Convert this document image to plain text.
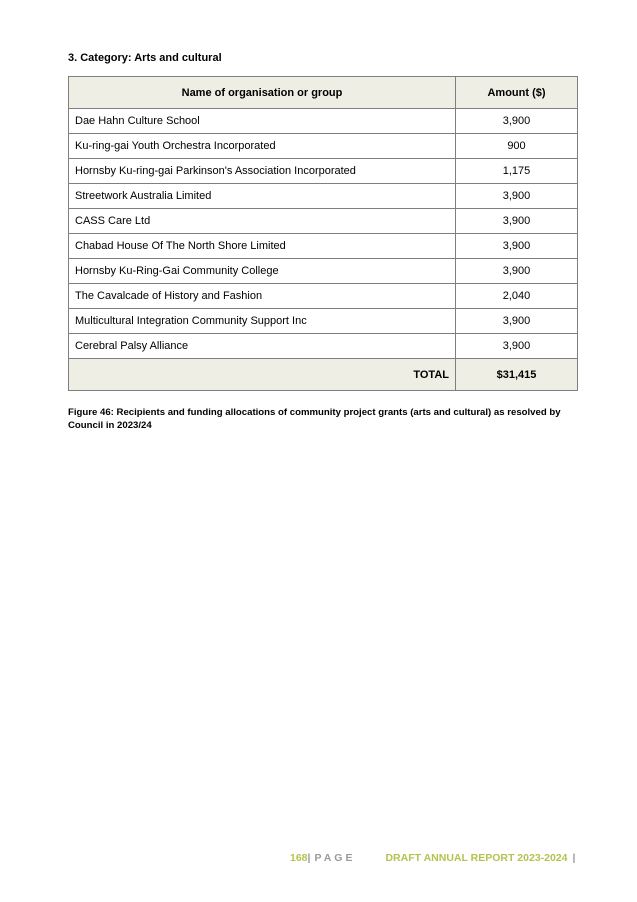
3. Category: Arts and cultural
Name of organisation or group	Amount ($)
Dae Hahn Culture School	3,900
Ku-ring-gai Youth Orchestra Incorporated	900
Hornsby Ku-ring-gai Parkinson's Association Incorporated	1,175
Streetwork Australia Limited	3,900
CASS Care Ltd	3,900
Chabad House Of The North Shore Limited	3,900
Hornsby Ku-Ring-Gai Community College	3,900
The Cavalcade of History and Fashion	2,040
Multicultural Integration Community Support Inc	3,900
Cerebral Palsy Alliance	3,900
TOTAL	$31,415

Figure 46: Recipients and funding allocations of community project grants (arts and cultural) as resolved by Council in 2023/24

168| PAGE	DRAFT ANNUAL REPORT 2023-2024 |
